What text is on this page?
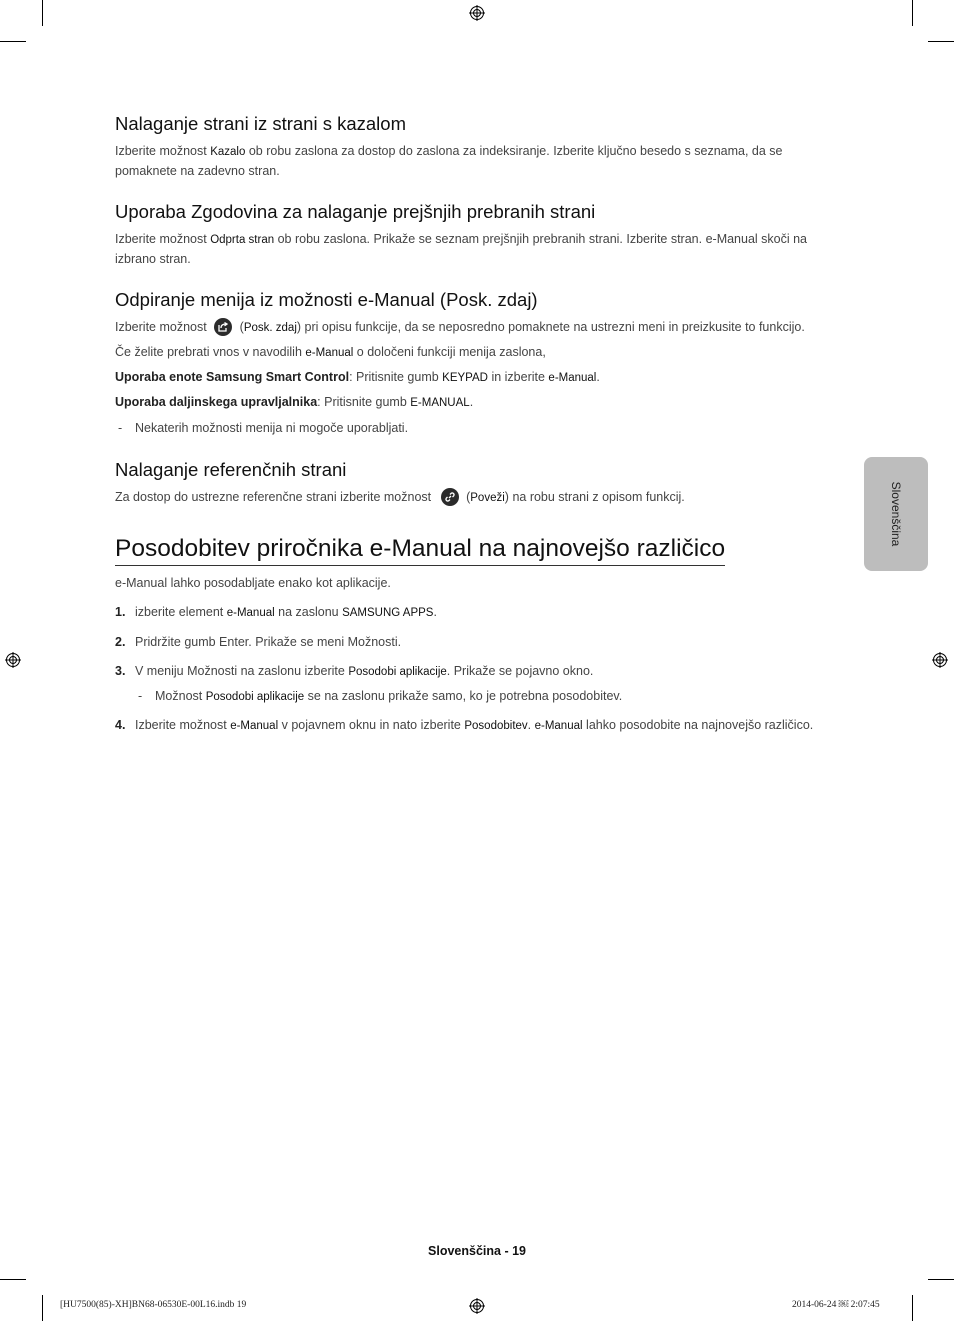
Nalaganje strani iz strani s kazalom

Izberite možnost Kazalo ob robu zaslona za dostop do zaslona za indeksiranje. Izberite ključno besedo s seznama, da se pomaknete na zadevno stran.

Uporaba Zgodovina za nalaganje prejšnjih prebranih strani

Izberite možnost Odprta stran ob robu zaslona. Prikaže se seznam prejšnjih prebranih strani. Izberite stran. e-Manual skoči na izbrano stran.

Odpiranje menija iz možnosti e-Manual (Posk. zdaj)

Izberite možnost
(Posk. zdaj) pri opisu funkcije, da se neposredno pomaknete na ustrezni meni in preizkusite to funkcijo.

Če želite prebrati vnos v navodilih e-Manual o določeni funkciji menija zaslona,

Uporaba enote Samsung Smart Control: Pritisnite gumb KEYPAD in izberite e-Manual.

Uporaba daljinskega upravljalnika: Pritisnite gumb E-MANUAL.

- Nekaterih možnosti menija ni mogoče uporabljati.
Nalaganje referenčnih strani

Za dostop do ustrezne referenčne strani izberite možnost
(Poveži) na robu strani z opisom funkcij.

Posodobitev priročnika e-Manual na najnovejšo različico

e-Manual lahko posodabljate enako kot aplikacije.

1. izberite element e-Manual na zaslonu SAMSUNG APPS.
2. Pridržite gumb Enter. Prikaže se meni Možnosti.
3. V meniju Možnosti na zaslonu izberite Posodobi aplikacije. Prikaže se pojavno okno.
- Možnost Posodobi aplikacije se na zaslonu prikaže samo, ko je potrebna posodobitev.
4. Izberite možnost e-Manual v pojavnem oknu in nato izberite Posodobitev. e-Manual lahko posodobite na najnovejšo različico.
Slovenščina
Slovenščina - 19
[HU7500(85)-XH]BN68-06530E-00L16.indb 19	2014-06-24 ￼ 2:07:45
